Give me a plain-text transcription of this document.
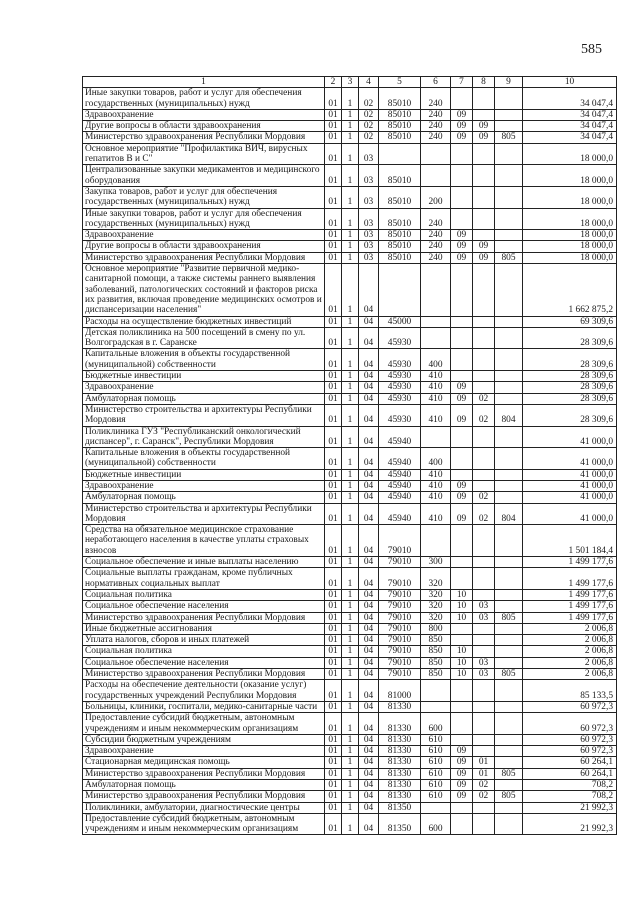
585
1	2	3	4	5	6	7	8	9	10
Иные закупки товаров, работ и услуг для обеспечения государственных (муниципальных) нужд	01	1	02	85010	240				34 047,4
Здравоохранение	01	1	02	85010	240	09			34 047,4
Другие вопросы в области здравоохранения	01	1	02	85010	240	09	09		34 047,4
Министерство здравоохранения Республики Мордовия	01	1	02	85010	240	09	09	805	34 047,4
Основное мероприятие "Профилактика ВИЧ, вирусных гепатитов В и С"	01	1	03						18 000,0
Централизованные закупки медикаментов и медицинского оборудования	01	1	03	85010					18 000,0
Закупка товаров, работ и услуг для обеспечения государственных (муниципальных) нужд	01	1	03	85010	200				18 000,0
Иные закупки товаров, работ и услуг для обеспечения государственных (муниципальных) нужд	01	1	03	85010	240				18 000,0
Здравоохранение	01	1	03	85010	240	09			18 000,0
Другие вопросы в области здравоохранения	01	1	03	85010	240	09	09		18 000,0
Министерство здравоохранения Республики Мордовия	01	1	03	85010	240	09	09	805	18 000,0
Основное мероприятие "Развитие первичной медико-санитарной помощи, а также системы раннего выявления заболеваний, патологических состояний и факторов риска их развития, включая проведение медицинских осмотров и диспансеризации населения"	01	1	04						1 662 875,2
Расходы на осуществление бюджетных инвестиций	01	1	04	45000					69 309,6
Детская поликлиника на 500 посещений в смену по ул. Волгоградская в г. Саранске	01	1	04	45930					28 309,6
Капитальные вложения в объекты государственной (муниципальной) собственности	01	1	04	45930	400				28 309,6
Бюджетные инвестиции	01	1	04	45930	410				28 309,6
Здравоохранение	01	1	04	45930	410	09			28 309,6
Амбулаторная помощь	01	1	04	45930	410	09	02		28 309,6
Министерство строительства и архитектуры Республики Мордовия	01	1	04	45930	410	09	02	804	28 309,6
Поликлиника ГУЗ "Республиканский онкологический диспансер", г. Саранск", Республики Мордовия	01	1	04	45940					41 000,0
Капитальные вложения в объекты государственной (муниципальной) собственности	01	1	04	45940	400				41 000,0
Бюджетные инвестиции	01	1	04	45940	410				41 000,0
Здравоохранение	01	1	04	45940	410	09			41 000,0
Амбулаторная помощь	01	1	04	45940	410	09	02		41 000,0
Министерство строительства и архитектуры Республики Мордовия	01	1	04	45940	410	09	02	804	41 000,0
Средства на обязательное медицинское страхование неработающего населения в качестве уплаты страховых взносов	01	1	04	79010					1 501 184,4
Социальное обеспечение и иные выплаты населению	01	1	04	79010	300				1 499 177,6
Социальные выплаты гражданам, кроме публичных нормативных социальных выплат	01	1	04	79010	320				1 499 177,6
Социальная политика	01	1	04	79010	320	10			1 499 177,6
Социальное обеспечение населения	01	1	04	79010	320	10	03		1 499 177,6
Министерство здравоохранения Республики Мордовия	01	1	04	79010	320	10	03	805	1 499 177,6
Иные бюджетные ассигнования	01	1	04	79010	800				2 006,8
Уплата налогов, сборов и иных платежей	01	1	04	79010	850				2 006,8
Социальная политика	01	1	04	79010	850	10			2 006,8
Социальное обеспечение населения	01	1	04	79010	850	10	03		2 006,8
Министерство здравоохранения Республики Мордовия	01	1	04	79010	850	10	03	805	2 006,8
Расходы на обеспечение деятельности (оказание услуг) государственных учреждений Республики Мордовия	01	1	04	81000					85 133,5
Больницы, клиники, госпитали, медико-санитарные части	01	1	04	81330					60 972,3
Предоставление субсидий бюджетным, автономным учреждениям и иным некоммерческим организациям	01	1	04	81330	600				60 972,3
Субсидии бюджетным учреждениям	01	1	04	81330	610				60 972,3
Здравоохранение	01	1	04	81330	610	09			60 972,3
Стационарная медицинская помощь	01	1	04	81330	610	09	01		60 264,1
Министерство здравоохранения Республики Мордовия	01	1	04	81330	610	09	01	805	60 264,1
Амбулаторная помощь	01	1	04	81330	610	09	02		708,2
Министерство здравоохранения Республики Мордовия	01	1	04	81330	610	09	02	805	708,2
Поликлиники, амбулатории, диагностические центры	01	1	04	81350					21 992,3
Предоставление субсидий бюджетным, автономным учреждениям и иным некоммерческим организациям	01	1	04	81350	600				21 992,3
